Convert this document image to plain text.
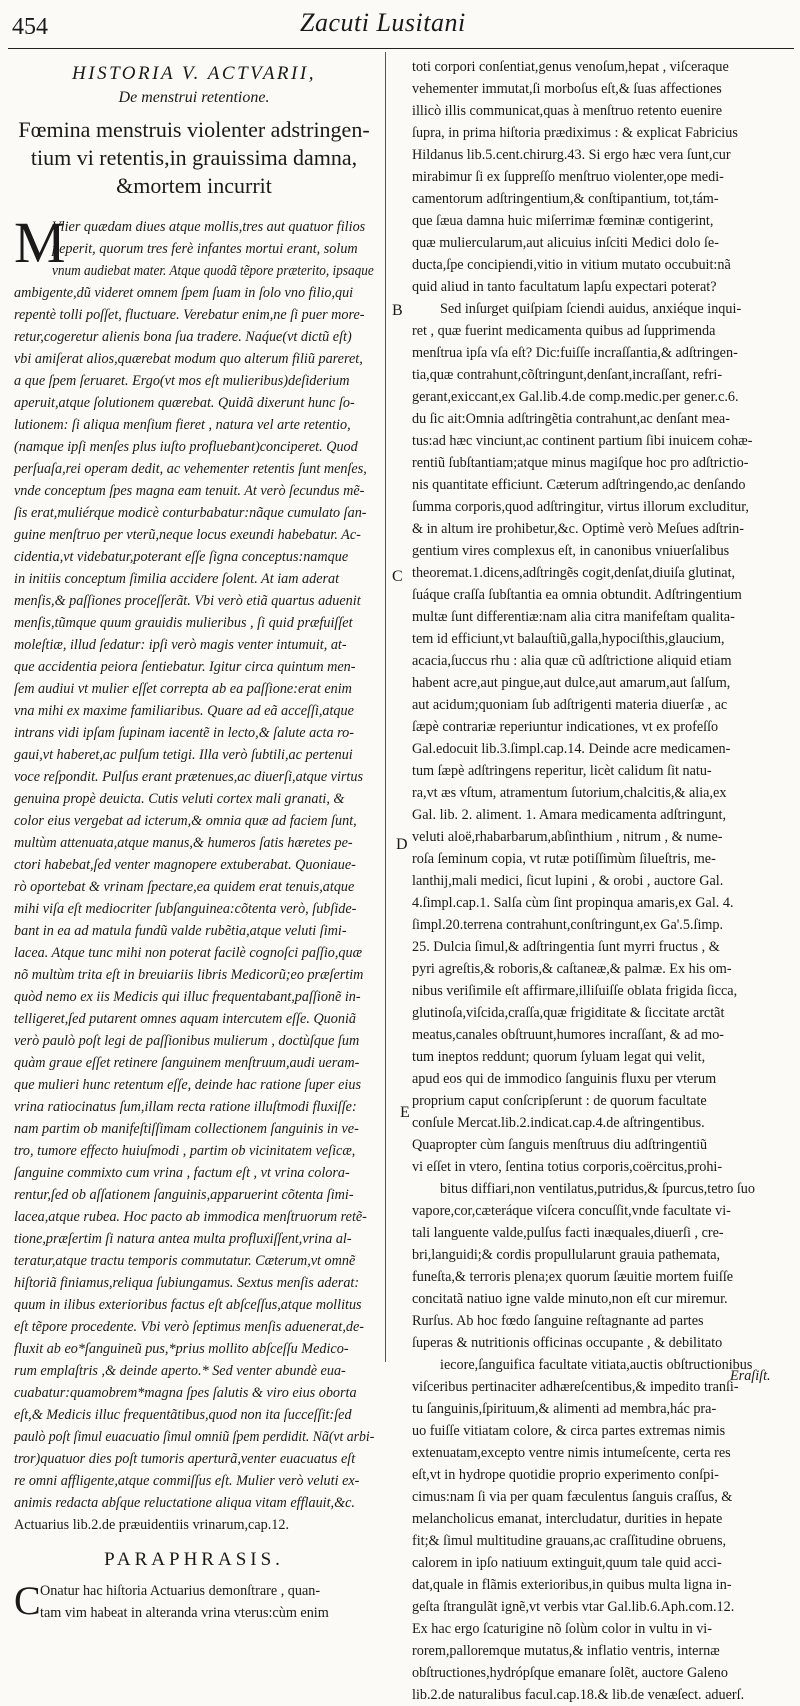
454	Zacuti Lusitani
HISTORIA V. ACTVARII,
De menstrui retentione.
Fœmina menstruis violenter adstringen-
tium vi retentis,in grauissima damna,
&mortem incurrit
M
Vlier quædam diues atque mollis,tres aut quatuor filios
peperit, quorum tres ferè infantes mortui erant, solum
vnum audiebat mater. Atque quodã tẽpore præterito, ipsaque
ambigente,dũ videret omnem ſpem ſuam in ſolo vno filio,qui
repentè tolli poſſet, fluctuare. Verebatur enim,ne ſi puer more-
retur,cogeretur alienis bona ſua tradere. Naq́ue(vt dictũ eſt)
vbi amiſerat alios,quærebat modum quo alterum filiũ pareret,
a que ſpem ſeruaret. Ergo(vt mos eſt mulieribus)deſiderium
aperuit,atque ſolutionem quærebat. Quidã dixerunt hunc ſo-
lutionem: ſi aliqua menſium fieret , natura vel arte retentio,
(namque ipſi menſes plus iuſto profluebant)conciperet. Quod
perſuaſa,rei operam dedit, ac vehementer retentis ſunt menſes,
vnde conceptum ſpes magna eam tenuit. At verò ſecundus mẽ-
ſis erat,muliérque modicè conturbabatur:nãque cumulato ſan-
guine menſtruo per vterũ,neque locus exeundi habebatur. Ac-
cidentia,vt videbatur,poterant eſſe ſigna conceptus:namque
in initiis conceptum ſimilia accidere ſolent. At iam aderat
menſis,& paſſiones proceſſerãt. Vbi verò etiã quartus aduenit
menſis,tũmque quum grauidis mulieribus , ſi quid præfuiſſet
moleſtiæ, illud ſedatur: ipſi verò magis venter intumuit, at-
que accidentia peiora ſentiebatur. Igitur circa quintum men-
ſem audiui vt mulier eſſet correpta ab ea paſſione:erat enim
vna mihi ex maxime familiaribus. Quare ad eã acceſſi,atque
intrans vidi ipſam ſupinam iacentẽ in lecto,& ſalute acta ro-
gaui,vt haberet,ac pulſum tetigi. Illa verò ſubtili,ac pertenui
voce reſpondit. Pulſus erant prætenues,ac diuerſi,atque virtus
genuina propè deuicta. Cutis veluti cortex mali granati, &
color eius vergebat ad icterum,& omnia quæ ad faciem ſunt,
multùm attenuata,atque manus,& humeros ſatis hæretes pe-
ctori habebat,ſed venter magnopere extuberabat. Quoniaue-
rò oportebat & vrinam ſpectare,ea quidem erat tenuis,atque
mihi viſa eſt mediocriter ſubſanguinea:cõtenta verò, ſubſide-
bant in ea ad matula fundũ valde rubẽtia,atque veluti ſimi-
lacea. Atque tunc mihi non poterat facilè cognoſci paſſio,quæ
nõ multùm trita eſt in breuiariis libris Medicorũ;eo præſertim
quòd nemo ex iis Medicis qui illuc frequentabant,paſſionẽ in-
telligeret,ſed putarent omnes aquam intercutem eſſe. Quoniã
verò paulò poſt legi de paſſionibus mulierum , doctùſque ſum
quàm graue eſſet retinere ſanguinem menſtruum,audi ueram-
que mulieri hunc retentum eſſe, deinde hac ratione ſuper eius
vrina ratiocinatus ſum,illam recta ratione illuſtmodi fluxiſſe:
nam partim ob manifeſtiſſimam collectionem ſanguinis in ve-
tro, tumore effecto huiuſmodi , partim ob vicinitatem veſicæ,
ſanguine commixto cum vrina , factum eſt , vt vrina colora-
rentur,ſed ob aſſationem ſanguinis,apparuerint cõtenta ſimi-
lacea,atque rubea. Hoc pacto ab immodica menſtruorum retẽ-
tione,præſertim ſi natura antea multa profluxiſſent,vrina al-
teratur,atque tractu temporis commutatur. Cæterum,vt omnẽ
hiſtoriã finiamus,reliqua ſubiungamus. Sextus menſis aderat:
quum in ilibus exterioribus factus eſt abſceſſus,atque mollitus
eſt tẽpore procedente. Vbi verò ſeptimus menſis aduenerat,de-
fluxit ab eo*ſanguineũ pus,*prius mollito abſceſſu Medico-
rum emplaſtris ,& deinde aperto.* Sed venter abundè eua-
cuabatur:quamobrem*magna ſpes ſalutis & viro eius oborta
eſt,& Medicis illuc frequentãtibus,quod non ita ſucceſſit:ſed
paulò poſt ſimul euacuatio ſimul omniũ ſpem perdidit. Nã(vt arbi-
tror)quatuor dies poſt tumoris aperturã,venter euacuatus eſt
re omni affligente,atque commiſſus eſt. Mulier verò veluti ex-
animis redacta abſque reluctatione aliqua vitam efflauit,&c.
Actuarius lib.2.de præuidentiis vrinarum,cap.12.
PARAPHRASIS.
C Onatur hac hiſtoria Actuarius demonſtrare , quan-
tam vim habeat in alteranda vrina vterus:cùm enim
toti corpori conſentiat,genus venoſum,hepat , viſceraque
vehementer immutat,ſi morboſus eſt,& ſuas affectiones
illicò illis communicat,quas à menſtruo retento euenire
ſupra, in prima hiſtoria prædiximus : & explicat Fabricius
Hildanus lib.5.cent.chirurg.43. Si ergo hæc vera ſunt,cur
mirabimur ſi ex ſuppreſſo menſtruo violenter,ope medi-
camentorum adſtringentium,& conſtipantium, tot,tám-
que ſæua damna huic miſerrimæ fœminæ contigerint,
quæ muliercularum,aut alicuius inſciti Medici dolo ſe-
ducta,ſpe concipiendi,vitio in vitium mutato occubuit:nã
quid aliud in tanto facultatum lapſu expectari poterat?
Sed inſurget quiſpiam ſciendi auidus, anxiéque inqui-
ret , quæ fuerint medicamenta quibus ad ſupprimenda
menſtrua ipſa vſa eſt? Dic:fuiſſe incraſſantia,& adſtringen-
tia,quæ contrahunt,cõſtringunt,denſant,incraſſant, refri-
gerant,exiccant,ex Gal.lib.4.de comp.medic.per gener.c.6.
du ſic ait:Omnia adſtringẽtia contrahunt,ac denſant mea-
tus:ad hæc vinciunt,ac continent partium ſibi inuicem cohæ-
rentiũ ſubſtantiam;atque minus magiſque hoc pro adſtrictio-
nis quantitate efficiunt. Cæterum adſtringendo,ac denſando
ſumma corporis,quod adſtringitur, virtus illorum excluditur,
& in altum ire prohibetur,&c. Optimè verò Meſues adſtrin-
gentium vires complexus eſt, in canonibus vniuerſalibus
theoremat.1.dicens,adſtringẽs cogit,denſat,diuiſa glutinat,
ſuáque craſſa ſubſtantia ea omnia obtundit. Adſtringentium
multæ ſunt differentiæ:nam alia citra manifeſtam qualita-
tem id efficiunt,vt balauſtiũ,galla,hypociſthis,glaucium,
acacia,ſuccus rhu : alia quæ cũ adſtrictione aliquid etiam
habent acre,aut pingue,aut dulce,aut amarum,aut ſalſum,
aut acidum;quoniam ſub adſtrigenti materia diuerſæ , ac
ſæpè contrariæ reperiuntur indicationes, vt ex profeſſo
Gal.edocuit lib.3.ſimpl.cap.14. Deinde acre medicamen-
tum ſæpè adſtringens reperitur, licèt calidum ſit natu-
ra,vt æs vſtum, atramentum ſutorium,chalcitis,& alia,ex
Gal. lib. 2. aliment. 1. Amara medicamenta adſtringunt,
veluti aloë,rhabarbarum,abſinthium , nitrum , & nume-
roſa ſeminum copia, vt rutæ potiſſimùm ſilueſtris, me-
lanthij,mali medici, ſicut lupini , & orobi , auctore Gal.
4.ſimpl.cap.1. Salſa cùm ſint propinqua amaris,ex Gal. 4.
ſimpl.20.terrena contrahunt,conſtringunt,ex Ga'.5.ſimp.
25. Dulcia ſimul,& adſtringentia ſunt myrri fructus , &
pyri agreſtis,& roboris,& caſtaneæ,& palmæ. Ex his om-
nibus veriſimile eſt affirmare,illiſuiſſe oblata frigida ſicca,
glutinoſa,viſcida,craſſa,quæ frigiditate & ſiccitate arctãt
meatus,canales obſtruunt,humores incraſſant, & ad mo-
tum ineptos reddunt; quorum ſyluam legat qui velit,
apud eos qui de immodico ſanguinis fluxu per vterum
proprium caput conſcripſerunt : de quorum facultate
conſule Mercat.lib.2.indicat.cap.4.de aſtringentibus.
Quapropter cùm ſanguis menſtruus diu adſtringentiũ
vi eſſet in vtero, ſentina totius corporis,coërcitus,prohi-
bitus diffiari,non ventilatus,putridus,& ſpurcus,tetro ſuo
vapore,cor,cæteráque viſcera concuſſit,vnde facultate vi-
tali languente valde,pulſus facti inæquales,diuerſi , cre-
bri,languidi;& cordis propullularunt grauia pathemata,
funeſta,& terroris plena;ex quorum ſæuitie mortem fuiſſe
concitatã natiuo igne valde minuto,non eſt cur miremur.
Rurſus. Ab hoc fœdo ſanguine reſtagnante ad partes
ſuperas & nutritionis officinas occupante , & debilitato
iecore,ſanguifica facultate vitiata,auctis obſtructionibus
viſceribus pertinaciter adhæreſcentibus,& impedito tranſi-
tu ſanguinis,ſpirituum,& alimenti ad membra,hác pra-
uo fuiſſe vitiatam colore, & circa partes extremas nimis
extenuatam,excepto ventre nimis intumeſcente, certa res
eſt,vt in hydrope quotidie proprio experimento conſpi-
cimus:nam ſi via per quam fæculentus ſanguis craſſus, &
melancholicus emanat, intercludatur, durities in hepate
fit;& ſimul multitudine grauans,ac craſſitudine obruens,
calorem in ipſo natiuum extinguit,quum tale quid acci-
dat,quale in flãmis exterioribus,in quibus multa ligna in-
geſta ſtrangulãt ignẽ,vt verbis vtar Gal.lib.6.Aph.com.12.
Ex hac ergo ſcaturigine nõ ſolùm color in vultu in vi-
rorem,palloremque mutatus,& inflatio ventris, internæ
obſtructiones,hydrópſque emanare ſolẽt, auctore Galeno
lib.2.de naturalibus facul.cap.18.& lib.de venæſect. aduerſ.
B
C
D
E
Eraſiſt.
